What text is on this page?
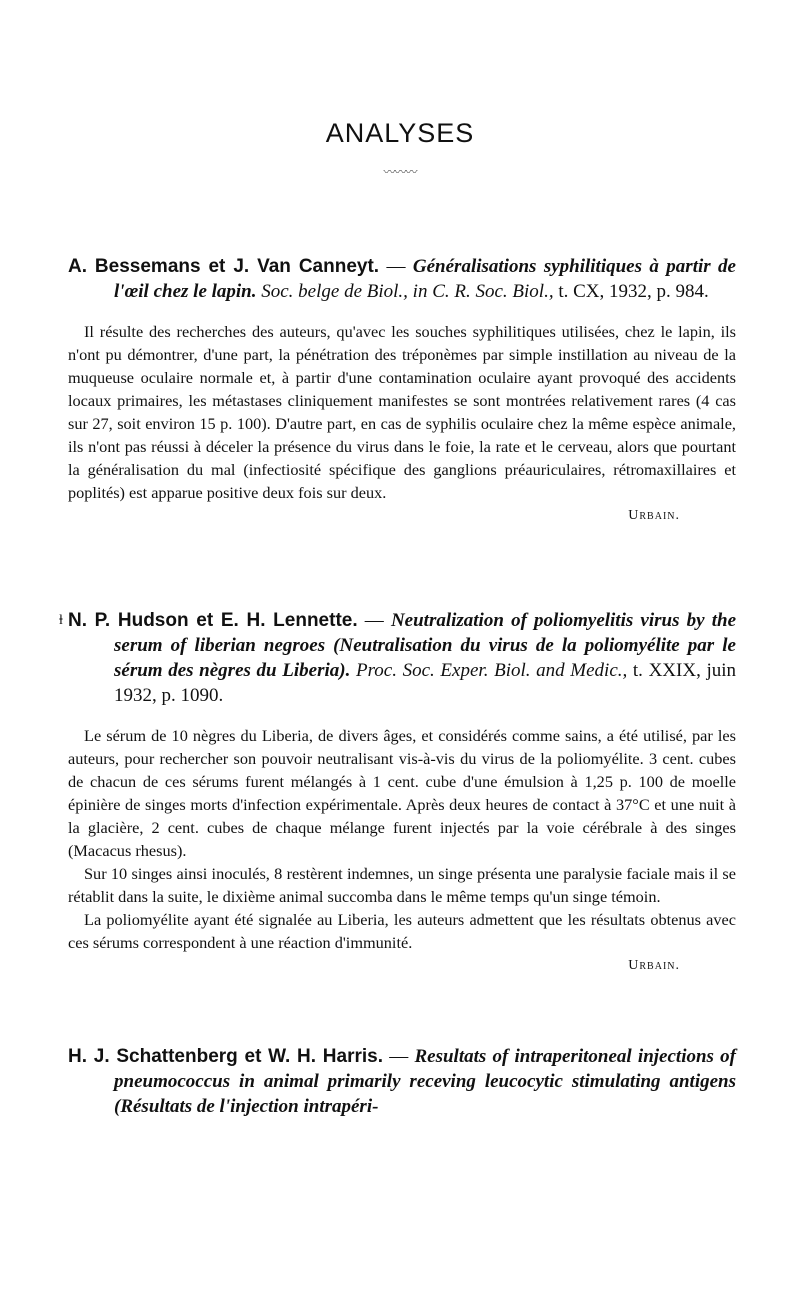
ANALYSES
〰〰〰
A. Bessemans et J. Van Canneyt. — Généralisations syphilitiques à partir de l'œil chez le lapin. Soc. belge de Biol., in C. R. Soc. Biol., t. CX, 1932, p. 984.

Il résulte des recherches des auteurs, qu'avec les souches syphilitiques utilisées, chez le lapin, ils n'ont pu démontrer, d'une part, la pénétration des tréponèmes par simple instillation au niveau de la muqueuse oculaire normale et, à partir d'une contamination oculaire ayant provoqué des accidents locaux primaires, les métastases cliniquement manifestes se sont montrées relativement rares (4 cas sur 27, soit environ 15 p. 100). D'autre part, en cas de syphilis oculaire chez la même espèce animale, ils n'ont pas réussi à déceler la présence du virus dans le foie, la rate et le cerveau, alors que pourtant la généralisation du mal (infectiosité spécifique des ganglions préauriculaires, rétromaxillaires et poplités) est apparue positive deux fois sur deux.

Urbain.
ⱡ N. P. Hudson et E. H. Lennette. — Neutralization of poliomyelitis virus by the serum of liberian negroes (Neutralisation du virus de la poliomyélite par le sérum des nègres du Liberia). Proc. Soc. Exper. Biol. and Medic., t. XXIX, juin 1932, p. 1090.

Le sérum de 10 nègres du Liberia, de divers âges, et considérés comme sains, a été utilisé, par les auteurs, pour rechercher son pouvoir neutralisant vis-à-vis du virus de la poliomyélite. 3 cent. cubes de chacun de ces sérums furent mélangés à 1 cent. cube d'une émulsion à 1,25 p. 100 de moelle épinière de singes morts d'infection expérimentale. Après deux heures de contact à 37°C et une nuit à la glacière, 2 cent. cubes de chaque mélange furent injectés par la voie cérébrale à des singes (Macacus rhesus).

Sur 10 singes ainsi inoculés, 8 restèrent indemnes, un singe présenta une paralysie faciale mais il se rétablit dans la suite, le dixième animal succomba dans le même temps qu'un singe témoin.

La poliomyélite ayant été signalée au Liberia, les auteurs admettent que les résultats obtenus avec ces sérums correspondent à une réaction d'immunité.

Urbain.
H. J. Schattenberg et W. H. Harris. — Resultats of intraperitoneal injections of pneumococcus in animal primarily receving leucocytic stimulating antigens (Résultats de l'injection intrapéri-
